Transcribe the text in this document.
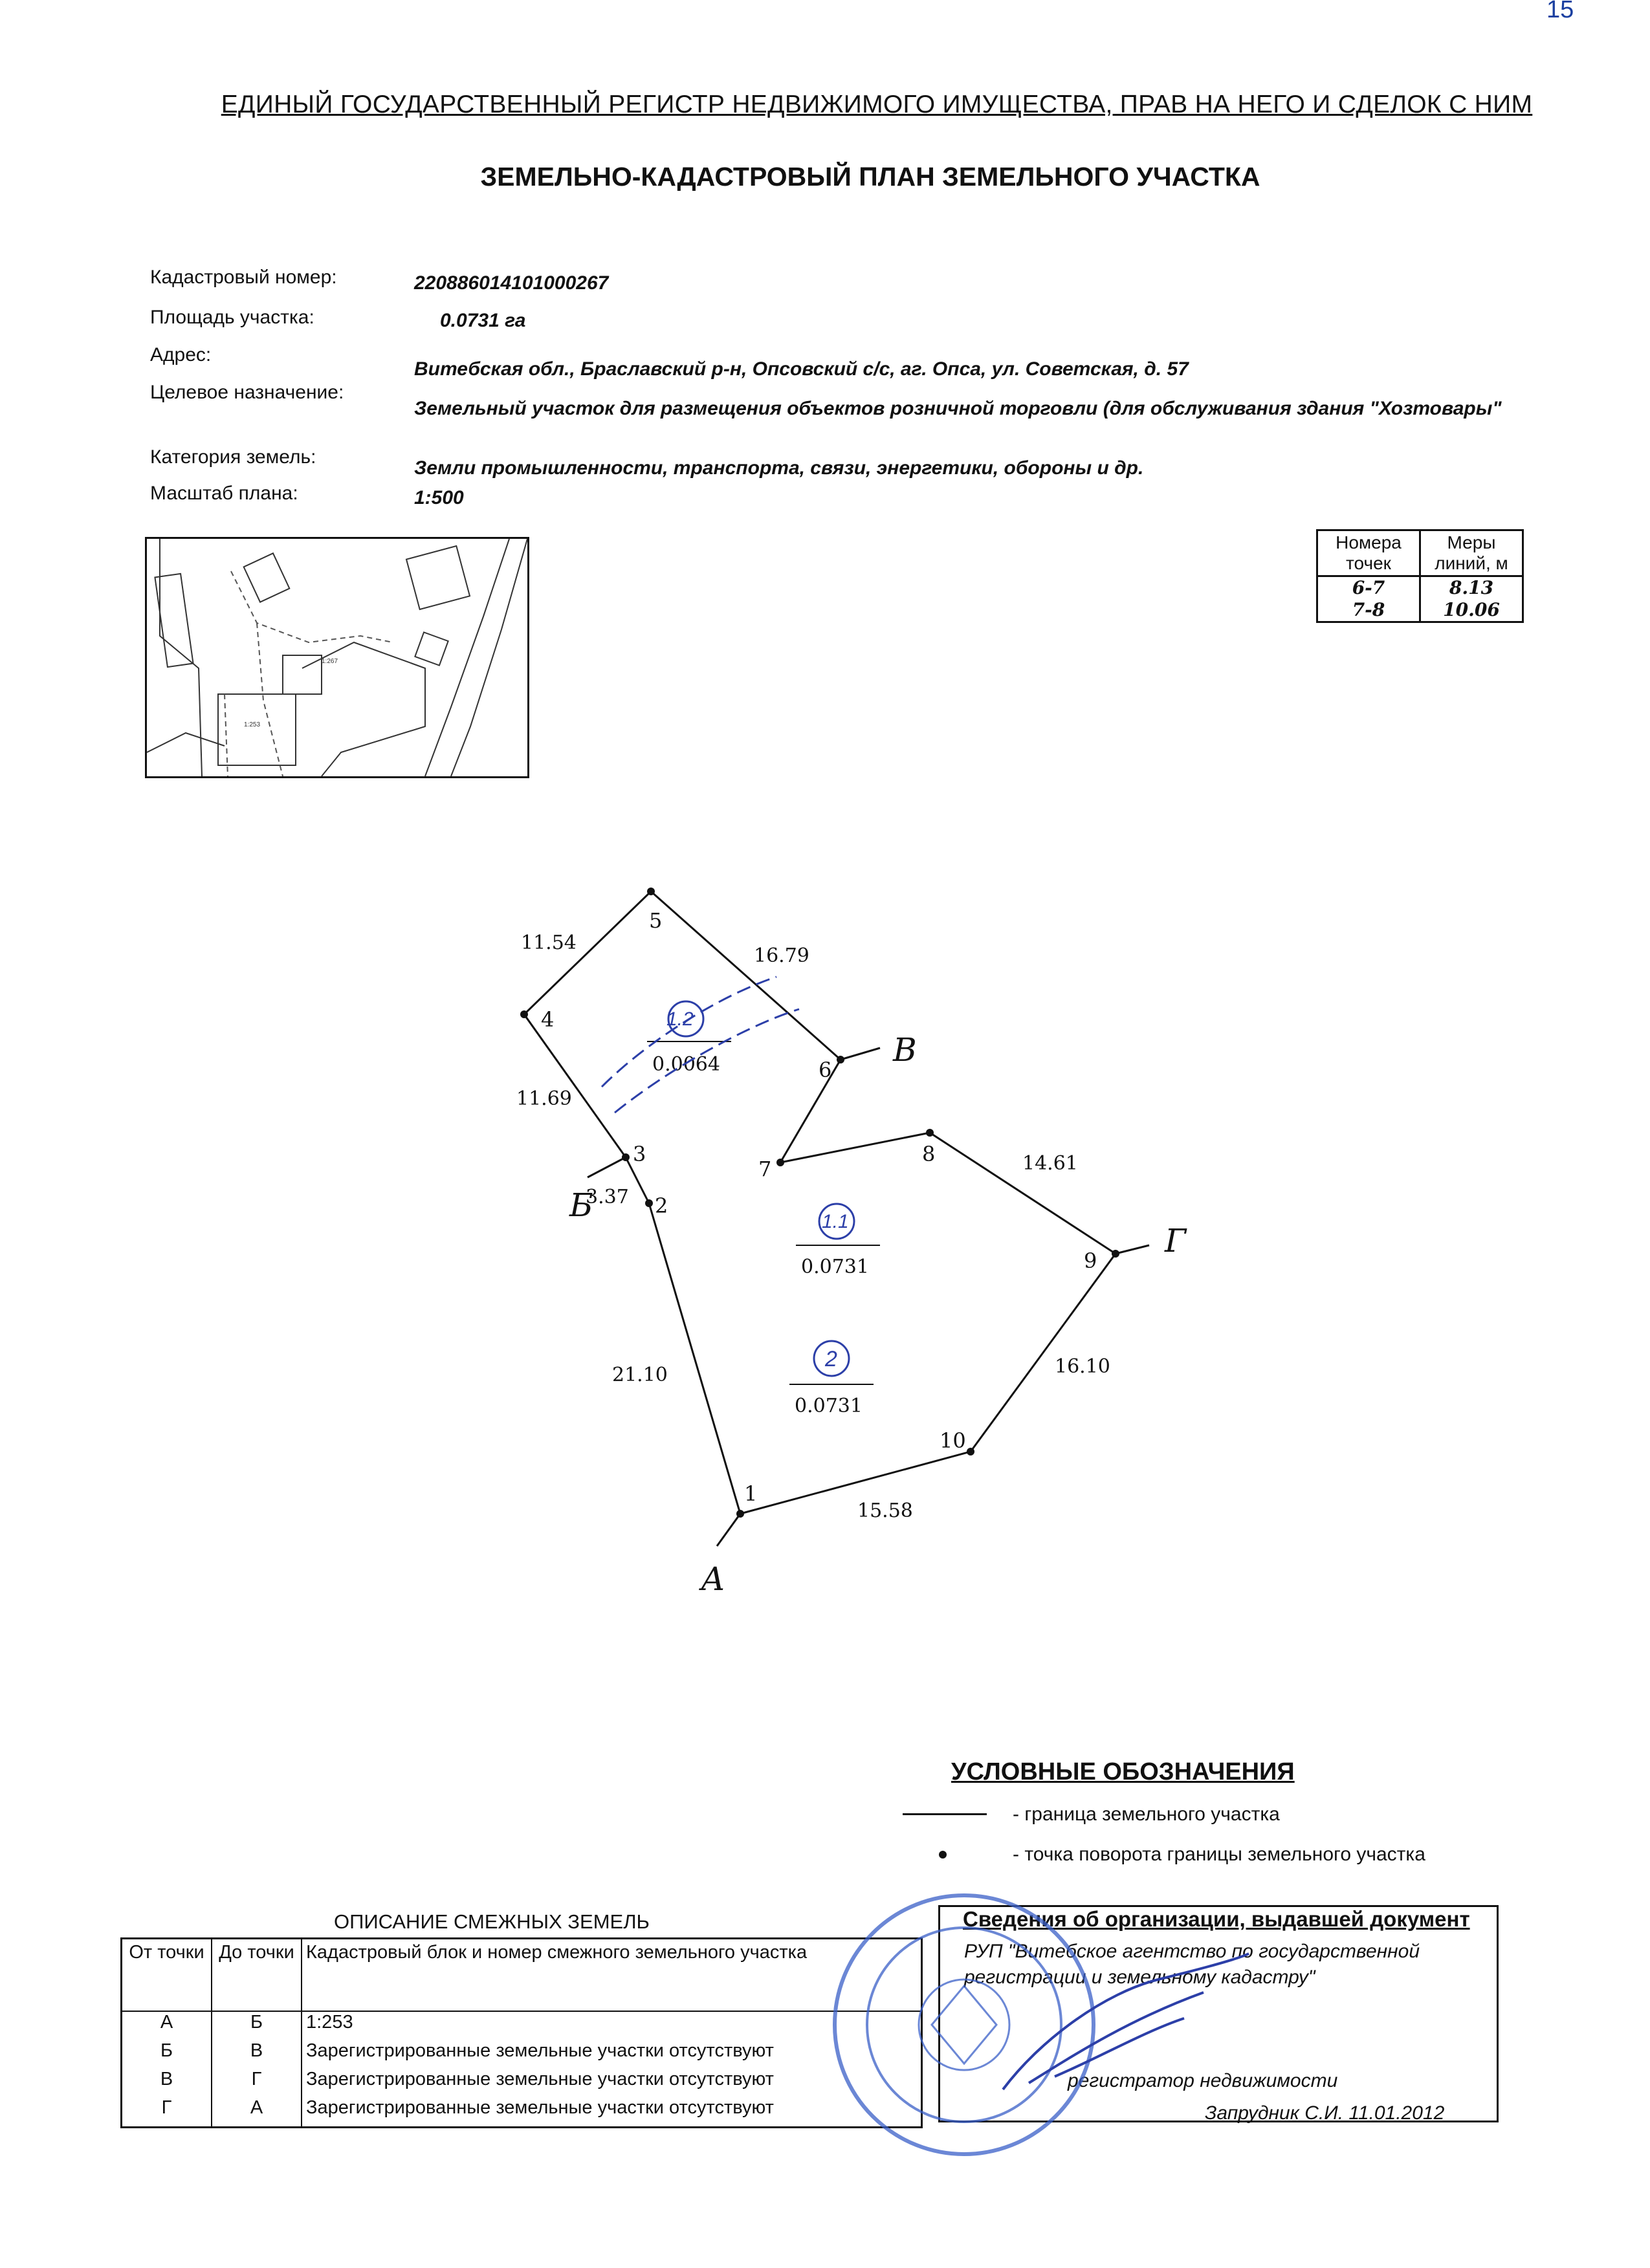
15
ЕДИНЫЙ ГОСУДАРСТВЕННЫЙ РЕГИСТР НЕДВИЖИМОГО ИМУЩЕСТВА, ПРАВ НА НЕГО И СДЕЛОК С НИМ
ЗЕМЕЛЬНО-КАДАСТРОВЫЙ ПЛАН ЗЕМЕЛЬНОГО УЧАСТКА
Кадастровый номер:	220886014101000267
Площадь участка:	0.0731 га
Адрес:
Витебская обл., Браславский р-н, Опсовский с/с, аг. Опса, ул. Советская, д. 57
Целевое назначение:
Земельный участок для размещения объектов розничной торговли (для обслуживания здания "Хозтовары"
Категория земель:
Земли промышленности, транспорта, связи, энергетики, обороны и др.
Масштаб плана:	1:500
1:267
1:253
Номера точек	Меры линий, м
6-7	8.13
7-8	10.06
1
2
3
4
5
6
7
8
9
10
21.10
3.37
11.69
11.54
16.79
14.61
16.10
15.58
А
Б
В
Г
1.2
0.0064
1.1
0.0731
2
0.0731
УСЛОВНЫЕ ОБОЗНАЧЕНИЯ
- граница земельного участка
- точка поворота границы земельного участка
ОПИСАНИЕ СМЕЖНЫХ ЗЕМЕЛЬ
От точки	До точки	Кадастровый блок и номер смежного земельного участка
А	Б	1:253
Б	В	Зарегистрированные земельные участки отсутствуют
В	Г	Зарегистрированные земельные участки отсутствуют
Г	А	Зарегистрированные земельные участки отсутствуют
Сведения об организации, выдавшей документ
РУП "Витебское агентство по государственной регистрации и земельному кадастру"
регистратор недвижимости
Запрудник С.И. 11.01.2012
